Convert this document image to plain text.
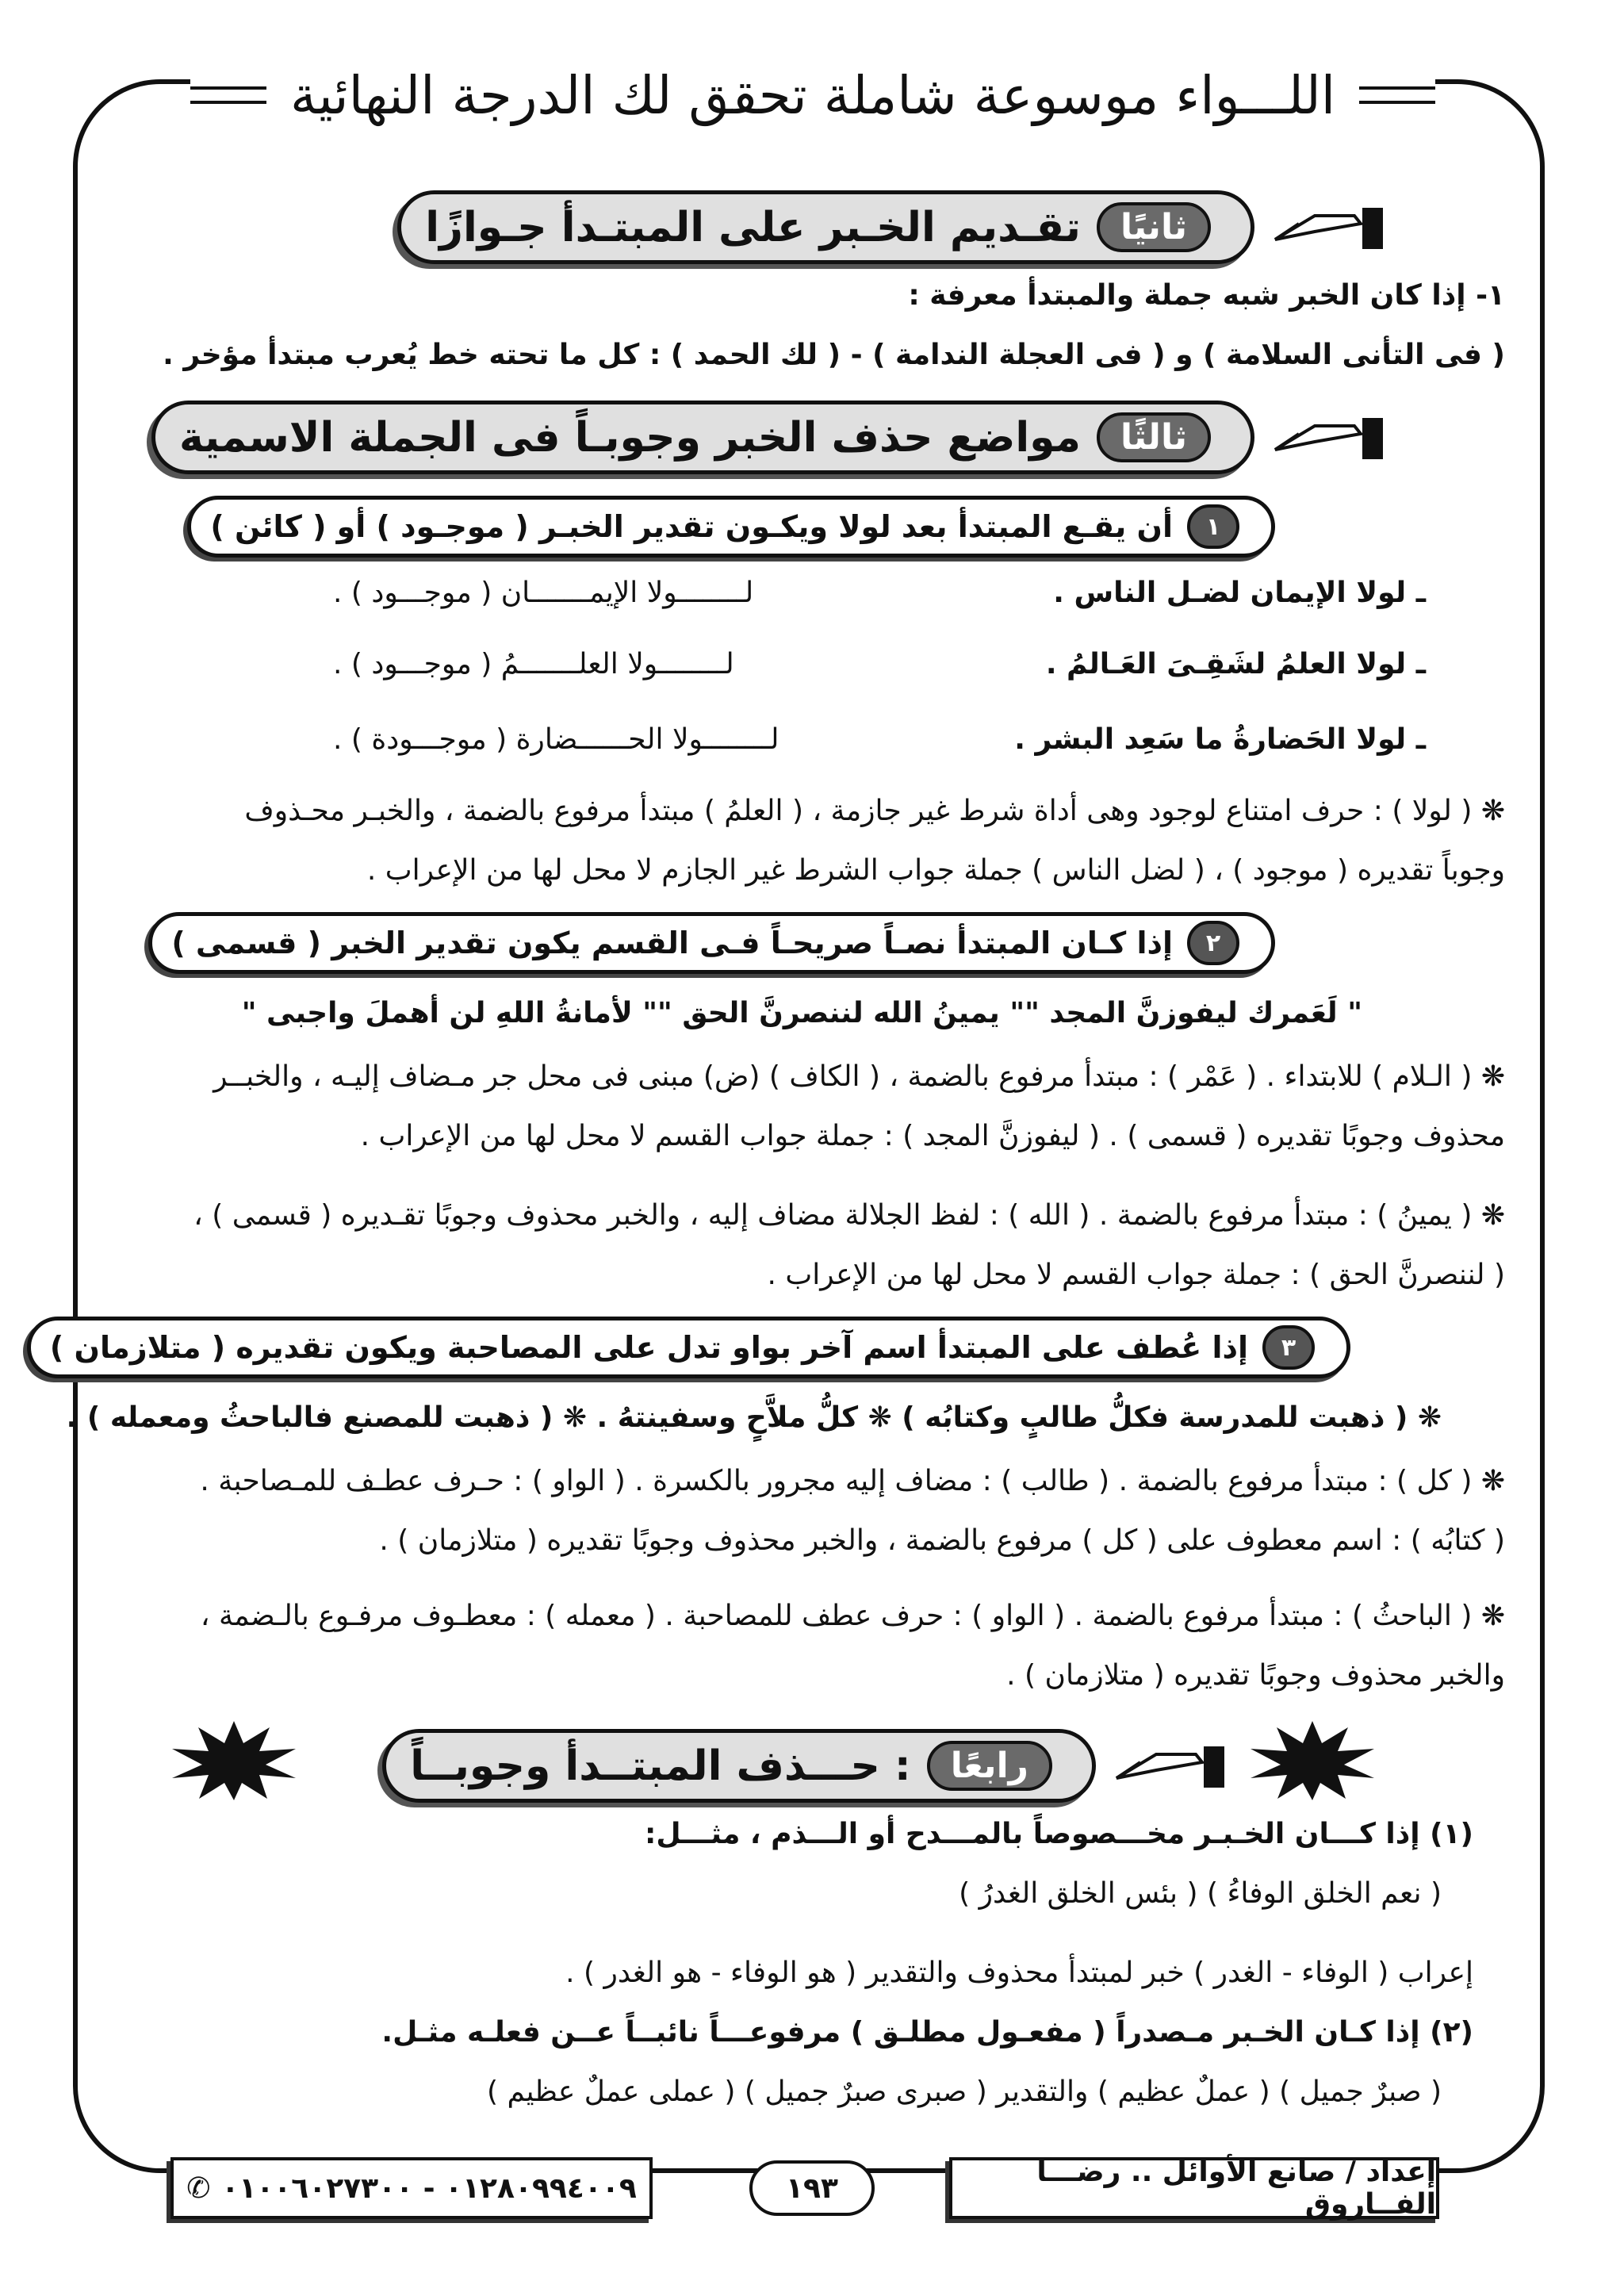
اللـــواء موسوعة شاملة تحقق لك الدرجة النهائية
ثانيًا
تقـديم الخـبر على المبتـدأ جـوازًا
١- إذا كان الخبر شبه جملة والمبتدأ معرفة :
( فى التأنى السلامة ) و ( فى العجلة الندامة ) - ( لك الحمد ) : كل ما تحته خط يُعرب مبتدأ مؤخر .
ثالثًا
مواضع حذف الخبر وجوبـاً فى الجملة الاسمية
١
أن يقـع المبتدأ بعد لولا ويكـون تقدير الخبـر ( موجـود ) أو ( كائن )
ـ لولا الإيمان لضـل الناس .
لــــــــولا الإيمـــــــان ( موجـــود ) .
ـ لولا العلمُ لشَقِـىَ العَـالمُ .
لــــــــولا العلـــــــمُ ( موجـــود ) .
ـ لولا الحَضارةُ ما سَعِد البشر .
لــــــــولا الحــــــضارة ( موجـــودة ) .
❋ ( لولا ) : حرف امتناع لوجود وهى أداة شرط غير جازمة ، ( العلمُ ) مبتدأ مرفوع بالضمة ، والخبـر محـذوف
وجوباً تقديره ( موجود ) ، ( لضل الناس ) جملة جواب الشرط غير الجازم لا محل لها من الإعراب .
٢
إذا كـان المبتدأ نصـاً صريحـاً فـى القسم يكون تقدير الخبر ( قسمى )
" لَعَمرك ليفوزنَّ المجد "
" يمينُ الله لننصرنَّ الحق "
" لأمانةُ اللهِ لن أهملَ واجبى "
❋ ( الـلام ) للابتداء . ( عَمْر ) : مبتدأ مرفوع بالضمة ، ( الكاف ) (ض) مبنى فى محل جر مـضاف إليـه ، والخبــر
محذوف وجوبًا تقديره ( قسمى ) . ( ليفوزنَّ المجد ) : جملة جواب القسم لا محل لها من الإعراب .
❋ ( يمينُ ) : مبتدأ مرفوع بالضمة . ( الله ) : لفظ الجلالة مضاف إليه ، والخبر محذوف وجوبًا تقـديره ( قسمى ) ،
( لننصرنَّ الحق ) : جملة جواب القسم لا محل لها من الإعراب .
٣
إذا عُطف على المبتدأ اسم آخر بواو تدل على المصاحبة ويكون تقديره ( متلازمان )
❋ ( ذهبت للمدرسة فكلُّ طالبٍ وكتابُه ) ❋ كلُّ ملاَّحٍ وسفينتهُ . ❋ ( ذهبت للمصنع فالباحثُ ومعمله ) .
❋ ( كل ) : مبتدأ مرفوع بالضمة . ( طالب ) : مضاف إليه مجرور بالكسرة . ( الواو ) : حـرف عطـف للمـصاحبة .
( كتابُه ) : اسم معطوف على ( كل ) مرفوع بالضمة ، والخبر محذوف وجوبًا تقديره ( متلازمان ) .
❋ ( الباحثُ ) : مبتدأ مرفوع بالضمة . ( الواو ) : حرف عطف للمصاحبة . ( معمله ) : معطـوف مرفـوع بالـضمة ،
والخبر محذوف وجوبًا تقديره ( متلازمان ) .
رابعًا
: حـــذف المبتــدأ وجوبــاً
(١) إذا كـــان الخـبـر مخـــصوصاً بالمـــدح أو الـــذم ، مثـــل:
( نعم الخلق الوفاءُ ) ( بئس الخلق الغدرُ )
إعراب ( الوفاء - الغدر ) خبر لمبتدأ محذوف والتقدير ( هو الوفاء - هو الغدر ) .
(٢) إذا كـان الخـبر مـصدراً ( مفعـول مطلـق ) مرفوعـــاً نائبــاً عــن فعلـه مثـل.
( صبرٌ جميل ) ( عملٌ عظيم ) والتقدير ( صبرى صبرٌ جميل ) ( عملى عملٌ عظيم )
إعداد / صانع الأوائل .. رضـــا الفــاروق
١٩٣
٠١٢٨٠٩٩٤٠٠٩ - ٠١٠٠٦٠٢٧٣٠٠
✆
